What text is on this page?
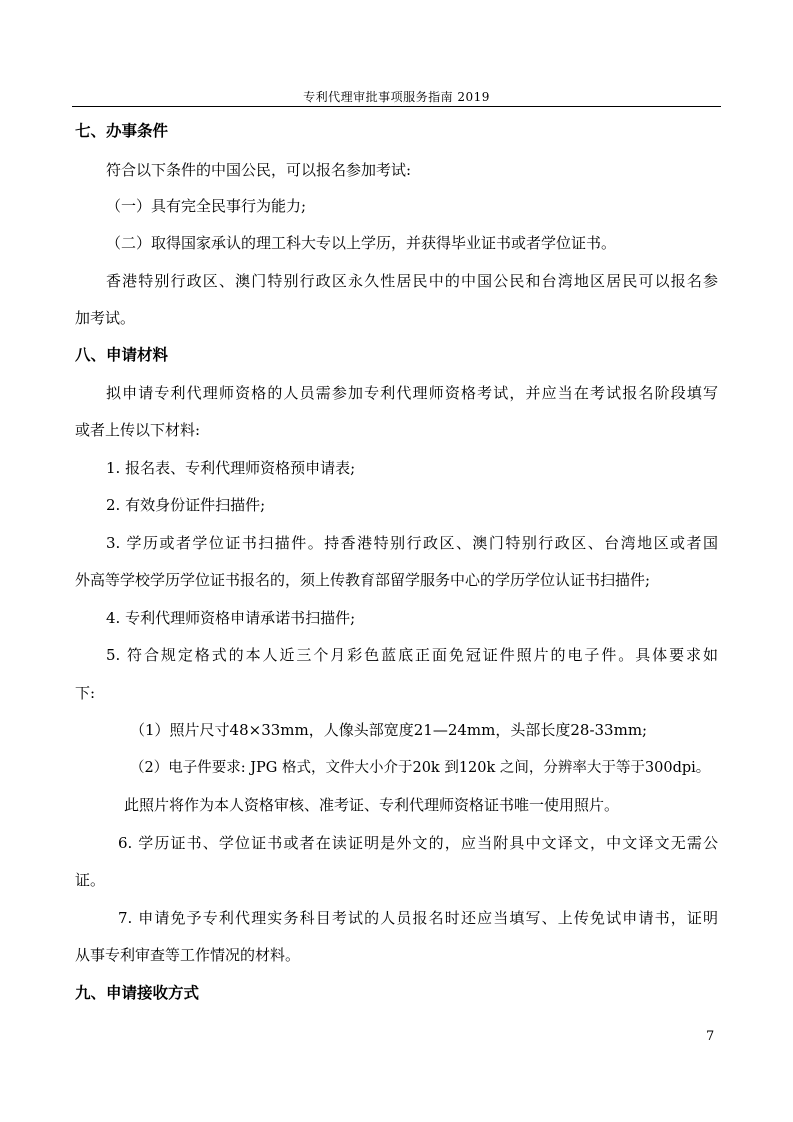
专利代理审批事项服务指南 2019
七、办事条件
符合以下条件的中国公民，可以报名参加考试:
（一）具有完全民事行为能力;
（二）取得国家承认的理工科大专以上学历，并获得毕业证书或者学位证书。
香港特别行政区、澳门特别行政区永久性居民中的中国公民和台湾地区居民可以报名参
加考试。
八、申请材料
拟申请专利代理师资格的人员需参加专利代理师资格考试，并应当在考试报名阶段填写
或者上传以下材料:
1. 报名表、专利代理师资格预申请表;
2. 有效身份证件扫描件;
3. 学历或者学位证书扫描件。持香港特别行政区、澳门特别行政区、台湾地区或者国
外高等学校学历学位证书报名的，须上传教育部留学服务中心的学历学位认证书扫描件;
4. 专利代理师资格申请承诺书扫描件;
5. 符合规定格式的本人近三个月彩色蓝底正面免冠证件照片的电子件。具体要求如
下:
（1）照片尺寸48×33mm，人像头部宽度21—24mm，头部长度28-33mm;
（2）电子件要求: JPG 格式，文件大小介于20k 到120k 之间，分辨率大于等于300dpi。
此照片将作为本人资格审核、准考证、专利代理师资格证书唯一使用照片。
6. 学历证书、学位证书或者在读证明是外文的，应当附具中文译文，中文译文无需公
证。
7. 申请免予专利代理实务科目考试的人员报名时还应当填写、上传免试申请书，证明
从事专利审查等工作情况的材料。
九、申请接收方式
7
